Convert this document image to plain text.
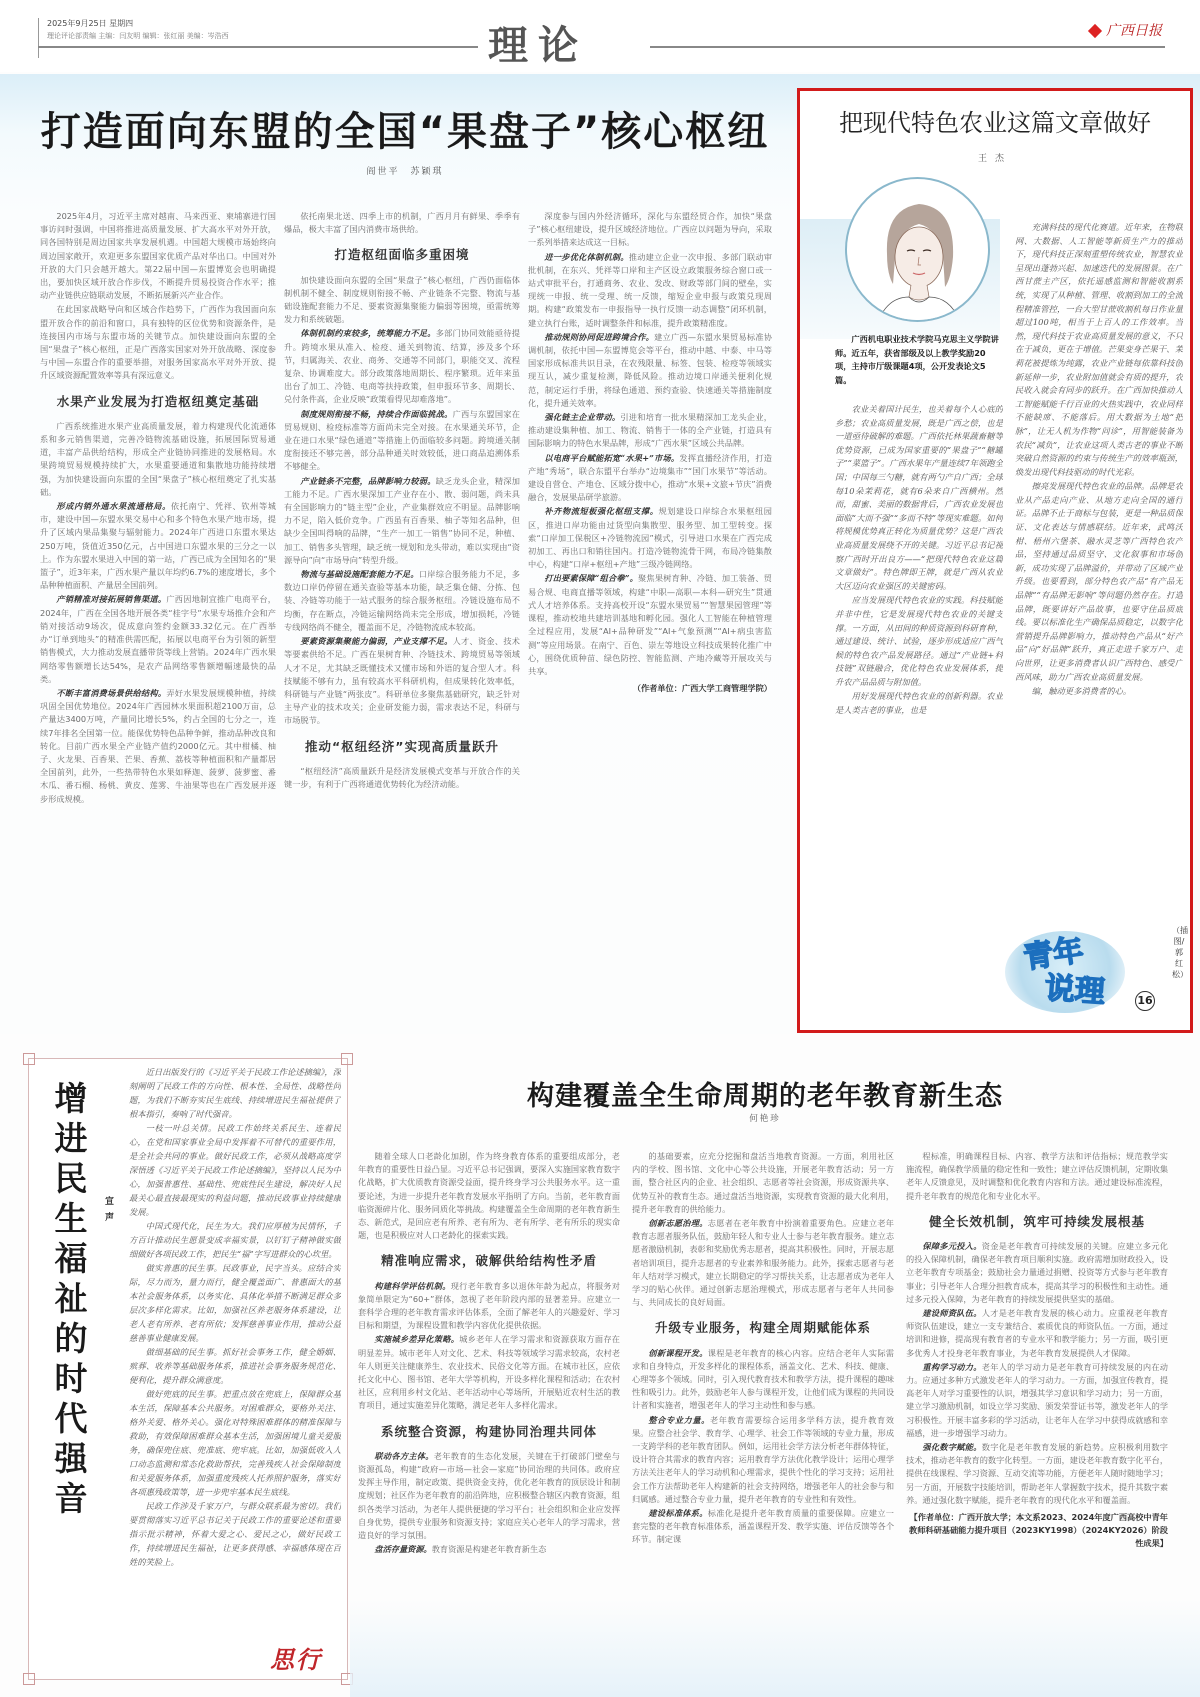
2025年9月25日 星期四
理论评论部责编 主编：闫友明 编辑：张红丽 美编：岑浩西	理论	广西日报
打造面向东盟的全国“果盘子”核心枢纽
阎世平　苏颖琪

2025年4月，习近平主席对越南、马来西亚、柬埔寨进行国事访问时强调，中国将推进高质量发展、扩大高水平对外开放，同各国特别是周边国家共享发展机遇。中国超大规模市场始终向周边国家敞开，欢迎更多东盟国家优质产品对华出口。中国对外开放的大门只会越开越大。第22届中国—东盟博览会也明确提出，要加快区域开放合作步伐，不断提升贸易投资合作水平；推动产业链供应链联动发展，不断拓展新兴产业合作。

在此国家战略导向和区域合作趋势下，广西作为我国面向东盟开放合作的前沿和窗口，具有独特的区位优势和资源条件，是连接国内市场与东盟市场的关键节点。加快建设面向东盟的全国“果盘子”核心枢纽，正是广西落实国家对外开放战略、深度参与中国—东盟合作的重要举措，对服务国家高水平对外开放、提升区域资源配置效率等具有深远意义。

水果产业发展为打造枢纽奠定基础

广西系统推进水果产业高质量发展，着力构建现代化流通体系和多元销售渠道，完善冷链物流基础设施，拓展国际贸易通道，丰富产品供给结构，形成全产业链协同推进的发展格局。水果跨境贸易规模持续扩大，水果重要通道和集散地功能持续增强，为加快建设面向东盟的全国“果盘子”核心枢纽奠定了扎实基础。

形成内销外通水果流通格局。依托南宁、凭祥、钦州等城市，建设中国—东盟水果交易中心和多个特色水果产地市场，提升了区域内果品集聚与辐射能力。2024年广西进口东盟水果达250万吨，货值近350亿元，占中国进口东盟水果的三分之一以上。作为东盟水果进入中国的第一站，广西已成为全国知名的“果篮子”，近3年来，广西水果产量以年均约6.7%的速度增长，多个品种种植面积、产量居全国前列。

产销精准对接拓展销售渠道。广西因地制宜推广电商平台，2024年，广西在全国各地开展各类“桂字号”水果专场推介会和产销对接活动9场次，促成意向签约金额33.32亿元。在广西举办“订单到地头”的精准供需匹配，拓展以电商平台为引领的新型销售模式，大力推动发展直播带货等线上营销。2024年广西水果网络零售额增长达54%，是农产品网络零售额增幅速最快的品类。

不断丰富消费场景供给结构。弄好水果发展规模种植，持续巩固全国优势地位。2024年广西园林水果面积超2100万亩，总产量达3400万吨，产量同比增长5%，约占全国的七分之一，连续7年排名全国第一位。能保优势特色品种争鲜，推动品种改良和转化。目前广西水果全产业链产值约2000亿元。其中柑橘、柚子、火龙果、百香果、芒果、香蕉、荔枝等种植面积和产量都居全国前列，此外，一些热带特色水果如释迦、菠萝、菠萝蜜、番木瓜、番石榴、杨桃、黄皮、莲雾、牛油果等也在广西发展并逐步形成规模。

依托南果北送、四季上市的机制，广西月月有鲜果、季季有爆品，极大丰富了国内消费市场供给。

打造枢纽面临多重困境

加快建设面向东盟的全国“果盘子”核心枢纽，广西仍面临体制机制不健全、制度规则衔接不畅、产业链条不完整、物流与基础设施配套能力不足、要素资源集聚能力偏弱等困境，亟需统筹发力和系统破题。

体制机制约束较多，统筹能力不足。多部门协同效能亟待提升。跨境水果从准入、检疫、通关到物流、结算，涉及多个环节，归属海关、农业、商务、交通等不同部门，职能交叉、流程复杂、协调难度大。部分政策落地周期长、程序繁琐。近年来虽出台了加工、冷链、电商等扶持政策，但申报环节多、周期长、兑付条件高，企业反映“政策看得见却难落地”。

制度规则衔接不畅，持续合作面临挑战。广西与东盟国家在贸易规则、检疫标准等方面尚未完全对接。在水果通关环节，企业在进口水果“绿色通道”等措施上仍面临较多问题。跨境通关制度衔接还不够完善，部分品种通关时效较低，进口商品追溯体系不够健全。

产业链条不完整，品牌影响力较弱。缺乏龙头企业，精深加工能力不足。广西水果深加工产业存在小、散、弱问题，尚未具有全国影响力的“链主型”企业，产业集群效应不明显。品牌影响力不足，陷入低价竞争。广西虽有百香果、柚子等知名品种，但缺少全国叫得响的品牌，“生产一加工一销售”协同不足，种植、加工、销售多头管理，缺乏统一规划和龙头带动，难以实现由“资源导向”向“市场导向”转型升级。

物流与基础设施配套能力不足。口岸综合服务能力不足，多数边口岸仍停留在通关查验等基本功能，缺乏集仓储、分拣、包装、冷链等功能于一站式服务的综合服务枢纽。冷链设施布局不均衡，存在断点，冷链运输网络尚未完全形成，增加损耗，冷链专线网络尚不健全，覆盖面不足，冷链物流成本较高。

要素资源集聚能力偏弱，产业支撑不足。人才、资金、技术等要素供给不足。广西在果树育种、冷链技术、跨境贸易等领域人才不足，尤其缺乏既懂技术又懂市场和外语的复合型人才。科技赋能不够有力，虽有较高水平科研机构，但成果转化效率低，科研链与产业链“两张皮”。科研单位多聚焦基础研究，缺乏针对主导产业的技术攻关；企业研发能力弱，需求表达不足，科研与市场脱节。

推动“枢纽经济”实现高质量跃升

“枢纽经济”高质量跃升是经济发展模式变革与开放合作的关键一步，有利于广西将通道优势转化为经济动能。

深度参与国内外经济循环，深化与东盟经贸合作，加快“果盘子”核心枢纽建设，提升区域经济地位。广西应以问题为导向，采取一系列举措来达成这一目标。

进一步优化体制机制。推动建立企业一次申报、多部门联动审批机制，在东兴、凭祥等口岸和主产区设立政策服务综合窗口或一站式审批平台，打通商务、农业、发改、财政等部门间的壁垒，实现统一申报、统一受理、统一反馈，缩短企业申报与政策兑现周期。构建“政策发布一申报指导一执行反馈一动态调整”闭环机制，建立执行台账，适时调整条件和标准，提升政策精准度。

推动规则协同促进跨境合作。建立广西—东盟水果贸易标准协调机制，依托中国—东盟博览会等平台，推动中越、中泰、中马等国家形成标准共识目录，在农残限量、标签、包装、检疫等领域实现互认，减少重复检测，降低风险。推动边境口岸通关便利化规范，制定运行手册，将绿色通道、预约查验、快速通关等措施制度化，提升通关效率。

强化链主企业带动。引进和培育一批水果精深加工龙头企业，推动建设集种植、加工、物流、销售于一体的全产业链，打造具有国际影响力的特色水果品牌，形成“广西水果”区域公共品牌。

以电商平台赋能拓宽“水果+”市场。发挥直播经济作用，打造产地“秀场”，联合东盟平台举办“边境集市”“国门水果节”等活动。建设自营仓、产地仓、区域分拨中心，推动“水果+文旅+节庆”消费融合，发展果品研学旅游。

补齐物流短板强化枢纽支撑。规划建设口岸综合水果枢纽园区，推进口岸功能由过货型向集散型、服务型、加工型转变。探索“口岸加工保税区+冷链物流园”模式，引导进口水果在广西完成初加工、再出口和销往国内。打造冷链物流骨干网，布局冷链集散中心，构建“口岸+枢纽+产地”三级冷链网络。

打出要素保障“组合拳”。聚焦果树育种、冷链、加工装备、贸易合规、电商直播等领域，构建“中职—高职—本科—研究生”贯通式人才培养体系。支持高校开设“东盟水果贸易”“智慧果园管理”等课程，推动校地共建培训基地和孵化园。强化人工智能在种植管理全过程应用，发展“AI+品种研发”“AI+气象预测”“AI+病虫害监测”等应用场景。在南宁、百色、崇左等地设立科技成果转化推广中心，围绕优质种苗、绿色防控、智能监测、产地冷藏等开展攻关与共享。

（作者单位：广西大学工商管理学院）

把现代特色农业这篇文章做好
王杰
广西机电职业技术学院马克思主义学院讲师。近五年，获省部级及以上教学奖励20项，主持市厅级课题4项，公开发表论文5篇。

农业关着国计民生，也关着每个人心底的乡愁；农业高质量发展，既是广西之偿，也是一道亟待破解的难题。广西依托林果蔬畜糖等优势资源，已成为国家重要的“果盘子”“糖罐子”“菜篮子”。广西水果年产量连续7年领跑全国；中国每三勺糖，就有两勺产自广西；全球每10朵茉莉花，就有6朵来自广西横州。然而，甜蜜、美丽的数据背后，广西农业发展也面临“大而不强”“多而不特”等现实难题。如何将规模优势真正转化为质量优势？这是广西农业高质量发展绕不开的关键。习近平总书记视察广西时开出良方——“把现代特色农业这篇文章做好”。特色牌即王牌，就是广西从农业大区迈向农业强区的关键密码。

应当发展现代特色农业的实践。科技赋能并非中性，它是发展现代特色农业的关键支撑。一方面，从田间的种质资源到科研育种，通过建设、统计、试验，逐步形成适应广西气候的特色农产品发展路径。通过“产业链+科技链”双链融合，优化特色农业发展体系，提升农产品品质与附加值。

用好发展现代特色农业的创新利器。农业是人类古老的事业，也是

充满科技的现代化赛道。近年来，在物联网、大数据、人工智能等新质生产力的推动下，现代科技正深刻重塑传统农业，智慧农业呈现出蓬勃兴起、加速迭代的发展图景。在广西甘蔗主产区，依托遥感监测和智能收割系统，实现了从种植、管理、收割到加工的全流程精准管控，一台大型甘蔗收割机每日作业量超过100吨，相当于上百人的工作效率。当然，现代科技于农业高质量发展的意义，不只在于减负，更在于增值。芒果变身芒果干、茉莉花被提炼为纯露，农业产业链每依靠科技创新延伸一步，农业附加值就会有质的提升，农民收入就会有同步的跃升。在广西加快推动人工智能赋能千行百业的火热实践中，农业同样不能缺席、不能落后。用大数据为土地“把脉”，让无人机为作物“问诊”，用智能装备为农民“减负”，让农业这项人类古老的事业不断突破自然资源的约束与传统生产的效率瓶颈，焕发出现代科技驱动的时代光彩。

擦亮发展现代特色农业的品牌。品牌是农业从产品走向产业、从地方走向全国的通行证。品牌不止于商标与包装，更是一种品质保证、文化表达与情感联结。近年来，武鸣沃柑、梧州六堡茶、融水灵芝等广西特色农产品，坚持通过品质坚守、文化叙事和市场创新，成功实现了品牌溢价，并带动了区域产业升级。也要看到，部分特色农产品“有产品无品牌”“有品牌无影响”等问题仍然存在。打造品牌，既要讲好产品故事，也要守住品质底线。要以标准化生产确保品质稳定，以数字化营销提升品牌影响力，推动特色产品从“好产品”向“好品牌”跃升，真正走进千家万户、走向世界，让更多消费者认识广西特色、感受广西风味，助力广西农业高质量发展。

编，触动更多消费者的心。

青年
说理	16
（插图/郭红松）
增进民生福祉的时代强音
宣声

近日出版发行的《习近平关于民政工作论述摘编》，深刻阐明了民政工作的方向性、根本性、全局性、战略性问题，为我们不断夯实民生底线、持续增进民生福祉提供了根本指引，奏响了时代强音。

一枝一叶总关情。民政工作始终关系民生、连着民心，在党和国家事业全局中发挥着不可替代的重要作用，是全社会共同的事业。做好民政工作，必须从战略高度学深悟透《习近平关于民政工作论述摘编》，坚持以人民为中心，加强普惠性、基础性、兜底性民生建设，解决好人民最关心最直接最现实的利益问题，推动民政事业持续健康发展。

中国式现代化，民生为大。我们应厚植为民情怀，千方百计推动民生愿景变成幸福实景，以钉钉子精神做实做细做好各项民政工作，把民生“福”字写进群众的心坎里。

做实普惠的民生事。民政事业，民字当头。应结合实际，尽力而为，量力而行，健全覆盖面广、普惠面大的基本社会服务体系，以务实化、具体化举措不断满足群众多层次多样化需求。比如，加强社区养老服务体系建设，让老人老有所养、老有所依；发挥慈善事业作用，推动公益慈善事业健康发展。

做细基础的民生事。抓好社会事务工作，健全婚姻、殡葬、收养等基础服务体系，推进社会事务服务规范化、便利化，提升群众满意度。

做好兜底的民生事。把重点放在兜底上，保障群众基本生活，保障基本公共服务。对困难群众，要格外关注、格外关爱、格外关心。强化对特殊困难群体的精准保障与救助，有效保障困难群众基本生活，加强困境儿童关爱服务，确保兜住底、兜准底、兜牢底。比如，加强低收入人口动态监测和常态化救助帮扶，完善残疾人社会保障制度和关爱服务体系，加强重度残疾人托养照护服务，落实好各项惠残政策等，进一步兜牢基本民生底线。

民政工作涉及千家万户，与群众联系最为密切。我们要贯彻落实习近平总书记关于民政工作的重要论述和重要指示批示精神，怀着大爱之心、爱民之心，做好民政工作，持续增进民生福祉，让更多获得感、幸福感体现在百姓的笑脸上。

思行
构建覆盖全生命周期的老年教育新生态
何艳珍

随着全球人口老龄化加剧，作为终身教育体系的重要组成部分，老年教育的重要性日益凸显。习近平总书记强调，要深入实施国家教育数字化战略，扩大优质教育资源受益面，提升终身学习公共服务水平。这一重要论述，为进一步提升老年教育发展水平指明了方向。当前，老年教育面临资源碎片化、服务同质化等挑战。构建覆盖全生命周期的老年教育新生态、新范式，是回应老有所养、老有所为、老有所学、老有所乐的现实命题，也是积极应对人口老龄化的探索实践。

精准响应需求，破解供给结构性矛盾

构建科学评估机制。现行老年教育多以退休年龄为起点，将服务对象简单限定为“60+”群体，忽视了老年阶段内部的显著差异。应建立一套科学合理的老年教育需求评估体系，全面了解老年人的兴趣爱好、学习目标和期望，为课程设置和教学内容优化提供依据。

实施城乡差异化策略。城乡老年人在学习需求和资源获取方面存在明显差异。城市老年人对文化、艺术、科技等领域学习需求较高，农村老年人则更关注健康养生、农业技术、民俗文化等方面。在城市社区，应依托文化中心、图书馆、老年大学等机构，开设多样化课程和活动；在农村社区，应利用乡村文化站、老年活动中心等场所，开展贴近农村生活的教育项目，通过实施差异化策略，满足老年人多样化需求。

系统整合资源，构建协同治理共同体

联动各方主体。老年教育的生态化发展，关键在于打破部门壁垒与资源孤岛，构建“政府—市场—社会—家庭”协同治理的共同体。政府应发挥主导作用，制定政策、提供资金支持，优化老年教育的顶层设计和制度规划；社区作为老年教育的前沿阵地，应积极整合辖区内教育资源，组织各类学习活动，为老年人提供便捷的学习平台；社会组织和企业应发挥自身优势，提供专业服务和资源支持；家庭应关心老年人的学习需求，营造良好的学习氛围。

盘活存量资源。教育资源是构建老年教育新生态

的基础要素，应充分挖掘和盘活当地教育资源。一方面，利用社区内的学校、图书馆、文化中心等公共设施，开展老年教育活动；另一方面，整合社区内的企业、社会组织、志愿者等社会资源，形成资源共享、优势互补的教育生态。通过盘活当地资源，实现教育资源的最大化利用，提升老年教育的供给能力。

创新志愿治理。志愿者在老年教育中扮演着重要角色。应建立老年教育志愿者服务队伍，鼓励年轻人和专业人士参与老年教育服务。建立志愿者激励机制，表彰和奖励优秀志愿者，提高其积极性。同时，开展志愿者培训项目，提升志愿者的专业素养和服务能力。此外，探索志愿者与老年人结对学习模式，建立长期稳定的学习帮扶关系，让志愿者成为老年人学习的贴心伙伴。通过创新志愿治理模式，形成志愿者与老年人共同参与、共同成长的良好局面。

升级专业服务，构建全周期赋能体系

创新课程开发。课程是老年教育的核心内容。应结合老年人实际需求和自身特点，开发多样化的课程体系，涵盖文化、艺术、科技、健康、心理等多个领域。同时，引入现代教育技术和教学方法，提升课程的趣味性和吸引力。此外，鼓励老年人参与课程开发，让他们成为课程的共同设计者和实施者，增强老年人的学习主动性和参与感。

整合专业力量。老年教育需要综合运用多学科方法，提升教育效果。应整合社会学、教育学、心理学、社会工作等领域的专业力量，形成一支跨学科的老年教育团队。例如，运用社会学方法分析老年群体特征，设计符合其需求的教育内容；运用教育学方法优化教学设计；运用心理学方法关注老年人的学习动机和心理需求，提供个性化的学习支持；运用社会工作方法帮助老年人构建新的社会支持网络，增强老年人的社会参与和归属感。通过整合专业力量，提升老年教育的专业性和有效性。

建设标准体系。标准化是提升老年教育质量的重要保障。应建立一套完整的老年教育标准体系，涵盖课程开发、教学实施、评估反馈等各个环节。制定课

程标准，明确课程目标、内容、教学方法和评估指标；规范教学实施流程，确保教学质量的稳定性和一致性；建立评估反馈机制，定期收集老年人反馈意见，及时调整和优化教育内容和方法。通过建设标准流程，提升老年教育的规范化和专业化水平。

健全长效机制，筑牢可持续发展根基

保障多元投入。资金是老年教育可持续发展的关键。应建立多元化的投入保障机制，确保老年教育项目顺利实施。政府需增加财政投入，设立老年教育专项基金；鼓励社会力量通过捐赠、投资等方式参与老年教育事业；引导老年人合理分担教育成本，提高其学习的积极性和主动性。通过多元投入保障，为老年教育的持续发展提供坚实的基础。

建设师资队伍。人才是老年教育发展的核心动力。应重视老年教育师资队伍建设，建立一支专兼结合、素质优良的师资队伍。一方面，通过培训和进修，提高现有教育者的专业水平和教学能力；另一方面，吸引更多优秀人才投身老年教育事业，为老年教育发展提供人才保障。

重构学习动力。老年人的学习动力是老年教育可持续发展的内在动力。应通过多种方式激发老年人的学习动力。一方面，加强宣传教育，提高老年人对学习重要性的认识，增强其学习意识和学习动力；另一方面，建立学习激励机制，如设立学习奖励、颁发荣誉证书等，激发老年人的学习积极性。开展丰富多彩的学习活动，让老年人在学习中获得成就感和幸福感，进一步增强学习动力。

强化数字赋能。数字化是老年教育发展的新趋势。应积极利用数字技术，推动老年教育的数字化转型。一方面，建设老年教育数字化平台，提供在线课程、学习资源、互动交流等功能，方便老年人随时随地学习；另一方面，开展数字技能培训，帮助老年人掌握数字技术，提升其数字素养。通过强化数字赋能，提升老年教育的现代化水平和覆盖面。

【作者单位：广西开放大学；本文系2023、2024年度广西高校中青年教师科研基础能力提升项目（2023KY1998）（2024KY2026）阶段性成果】
